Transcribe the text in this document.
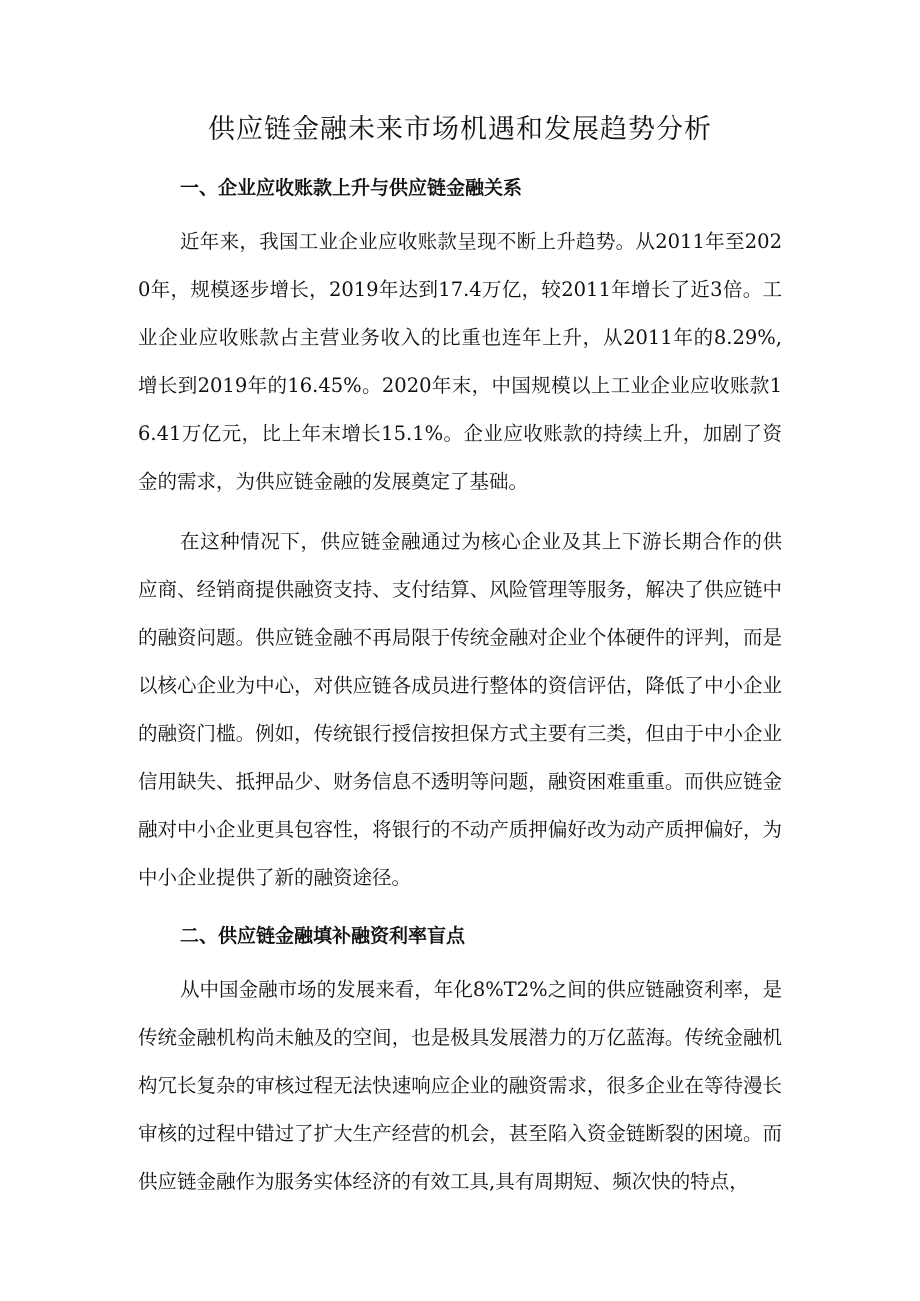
供应链金融未来市场机遇和发展趋势分析
一、企业应收账款上升与供应链金融关系

近年来，我国工业企业应收账款呈现不断上升趋势。从2011年至2020年，规模逐步增长，2019年达到17.4万亿，较2011年增长了近3倍。工业企业应收账款占主营业务收入的比重也连年上升，从2011年的8.29%,增长到2019年的16.45%。2020年末，中国规模以上工业企业应收账款16.41万亿元，比上年末增长15.1%。企业应收账款的持续上升，加剧了资金的需求，为供应链金融的发展奠定了基础。

在这种情况下，供应链金融通过为核心企业及其上下游长期合作的供应商、经销商提供融资支持、支付结算、风险管理等服务，解决了供应链中的融资问题。供应链金融不再局限于传统金融对企业个体硬件的评判，而是以核心企业为中心，对供应链各成员进行整体的资信评估，降低了中小企业的融资门槛。例如，传统银行授信按担保方式主要有三类，但由于中小企业信用缺失、抵押品少、财务信息不透明等问题，融资困难重重。而供应链金融对中小企业更具包容性，将银行的不动产质押偏好改为动产质押偏好，为中小企业提供了新的融资途径。

二、供应链金融填补融资利率盲点

从中国金融市场的发展来看，年化8%T2%之间的供应链融资利率，是传统金融机构尚未触及的空间，也是极具发展潜力的万亿蓝海。传统金融机构冗长复杂的审核过程无法快速响应企业的融资需求，很多企业在等待漫长审核的过程中错过了扩大生产经营的机会，甚至陷入资金链断裂的困境。而供应链金融作为服务实体经济的有效工具,具有周期短、频次快的特点，
